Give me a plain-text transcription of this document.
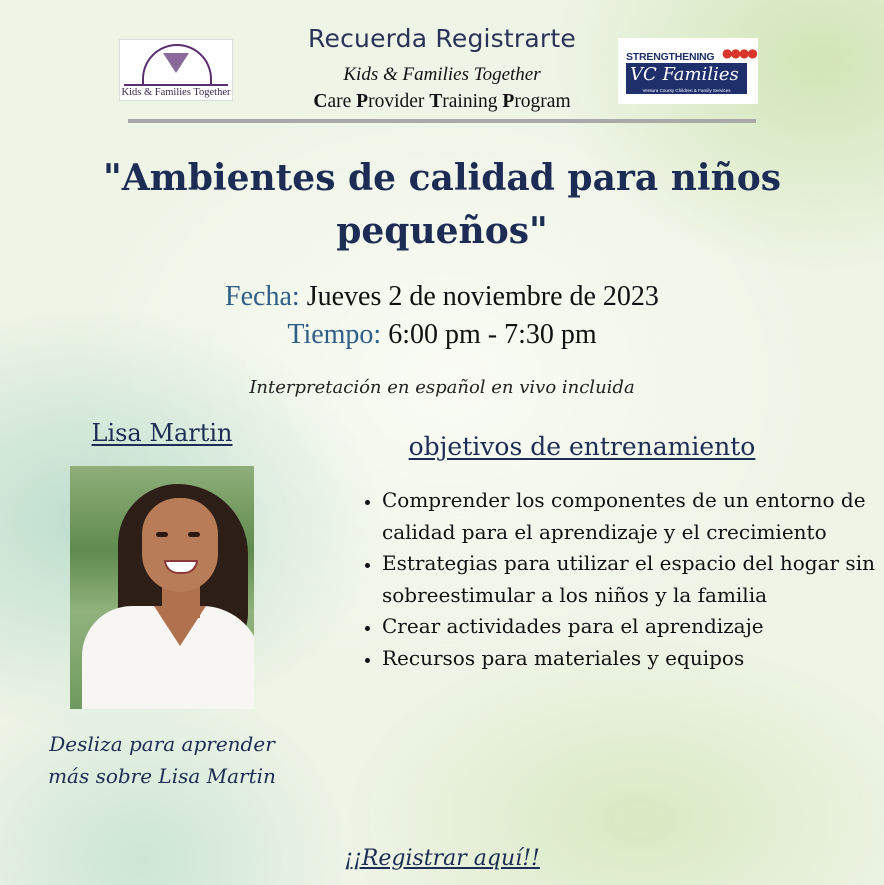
Kids & Families Together
STRENGTHENING ●●●●
VC Families
Ventura County Children & Family Services
Recuerda Registrarte
Kids & Families Together
Care Provider Training Program
"Ambientes de calidad para niños
pequeños"
Fecha: Jueves 2 de noviembre de 2023
Tiempo: 6:00 pm - 7:30 pm
Interpretación en español en vivo incluida
Lisa Martin
Desliza para aprender
más sobre Lisa Martin
objetivos de entrenamiento
• Comprender los componentes de un entorno de calidad para el aprendizaje y el crecimiento
• Estrategias para utilizar el espacio del hogar sin sobreestimular a los niños y la familia
• Crear actividades para el aprendizaje
• Recursos para materiales y equipos
¡¡Registrar aquí!!
